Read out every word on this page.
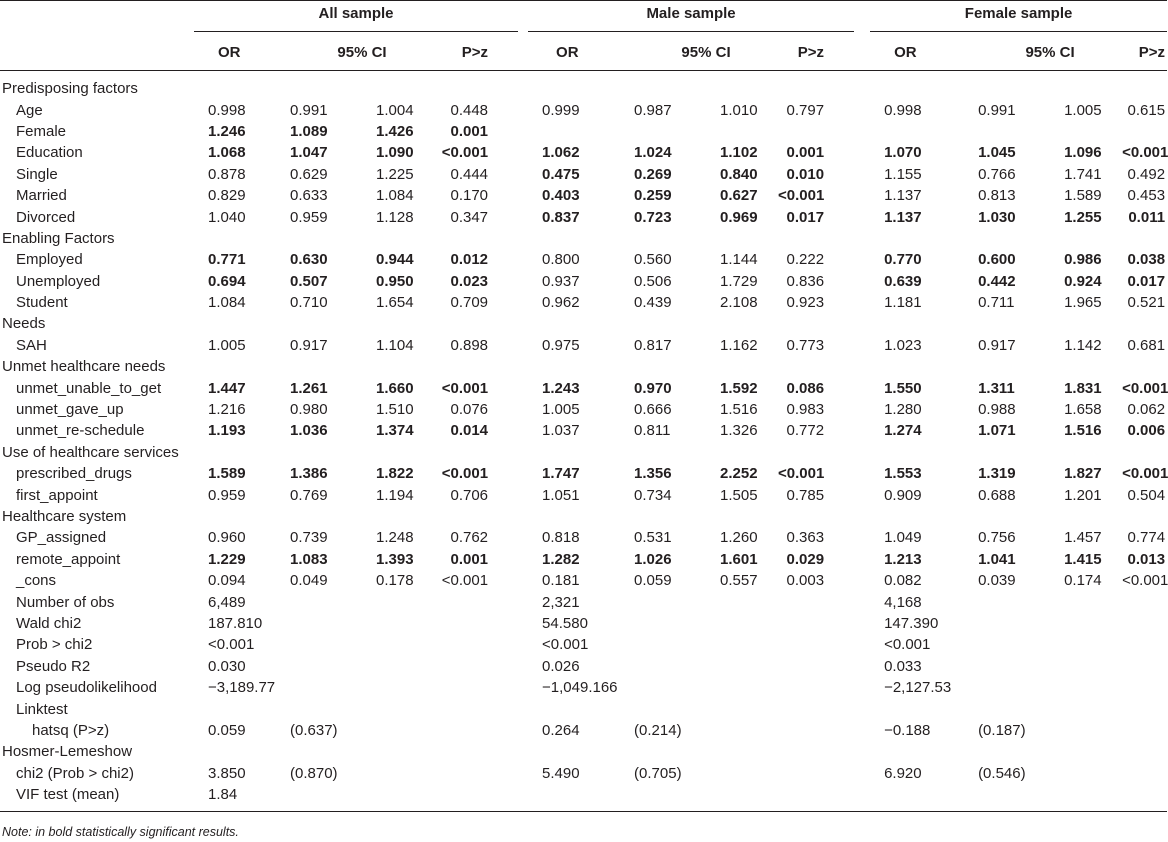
	All sample					Male sample					Female sample			

	OR	95% CI		P>z		OR	95% CI		P>z		OR	95% CI		P>z
Predisposing factors														
Age	0.998	0.991	1.004	0.448		0.999	0.987	1.010	0.797		0.998	0.991	1.005	0.615
Female	1.246	1.089	1.426	0.001										
Education	1.068	1.047	1.090	<0.001		1.062	1.024	1.102	0.001		1.070	1.045	1.096	<0.001
Single	0.878	0.629	1.225	0.444		0.475	0.269	0.840	0.010		1.155	0.766	1.741	0.492
Married	0.829	0.633	1.084	0.170		0.403	0.259	0.627	<0.001		1.137	0.813	1.589	0.453
Divorced	1.040	0.959	1.128	0.347		0.837	0.723	0.969	0.017		1.137	1.030	1.255	0.011
Enabling Factors														
Employed	0.771	0.630	0.944	0.012		0.800	0.560	1.144	0.222		0.770	0.600	0.986	0.038
Unemployed	0.694	0.507	0.950	0.023		0.937	0.506	1.729	0.836		0.639	0.442	0.924	0.017
Student	1.084	0.710	1.654	0.709		0.962	0.439	2.108	0.923		1.181	0.711	1.965	0.521
Needs														
SAH	1.005	0.917	1.104	0.898		0.975	0.817	1.162	0.773		1.023	0.917	1.142	0.681
Unmet healthcare needs														
unmet_unable_to_get	1.447	1.261	1.660	<0.001		1.243	0.970	1.592	0.086		1.550	1.311	1.831	<0.001
unmet_gave_up	1.216	0.980	1.510	0.076		1.005	0.666	1.516	0.983		1.280	0.988	1.658	0.062
unmet_re-schedule	1.193	1.036	1.374	0.014		1.037	0.811	1.326	0.772		1.274	1.071	1.516	0.006
Use of healthcare services														
prescribed_drugs	1.589	1.386	1.822	<0.001		1.747	1.356	2.252	<0.001		1.553	1.319	1.827	<0.001
first_appoint	0.959	0.769	1.194	0.706		1.051	0.734	1.505	0.785		0.909	0.688	1.201	0.504
Healthcare system														
GP_assigned	0.960	0.739	1.248	0.762		0.818	0.531	1.260	0.363		1.049	0.756	1.457	0.774
remote_appoint	1.229	1.083	1.393	0.001		1.282	1.026	1.601	0.029		1.213	1.041	1.415	0.013
_cons	0.094	0.049	0.178	<0.001		0.181	0.059	0.557	0.003		0.082	0.039	0.174	<0.001
Number of obs	6,489					2,321					4,168			
Wald chi2	187.810					54.580					147.390			
Prob > chi2	<0.001					<0.001					<0.001			
Pseudo R2	0.030					0.026					0.033			
Log pseudolikelihood	−3,189.77					−1,049.166					−2,127.53			
Linktest														
hatsq (P>z)	0.059	(0.637)				0.264	(0.214)				−0.188	(0.187)		
Hosmer-Lemeshow														
chi2 (Prob > chi2)	3.850	(0.870)				5.490	(0.705)				6.920	(0.546)		
VIF test (mean)	1.84													
Note: in bold statistically significant results.
